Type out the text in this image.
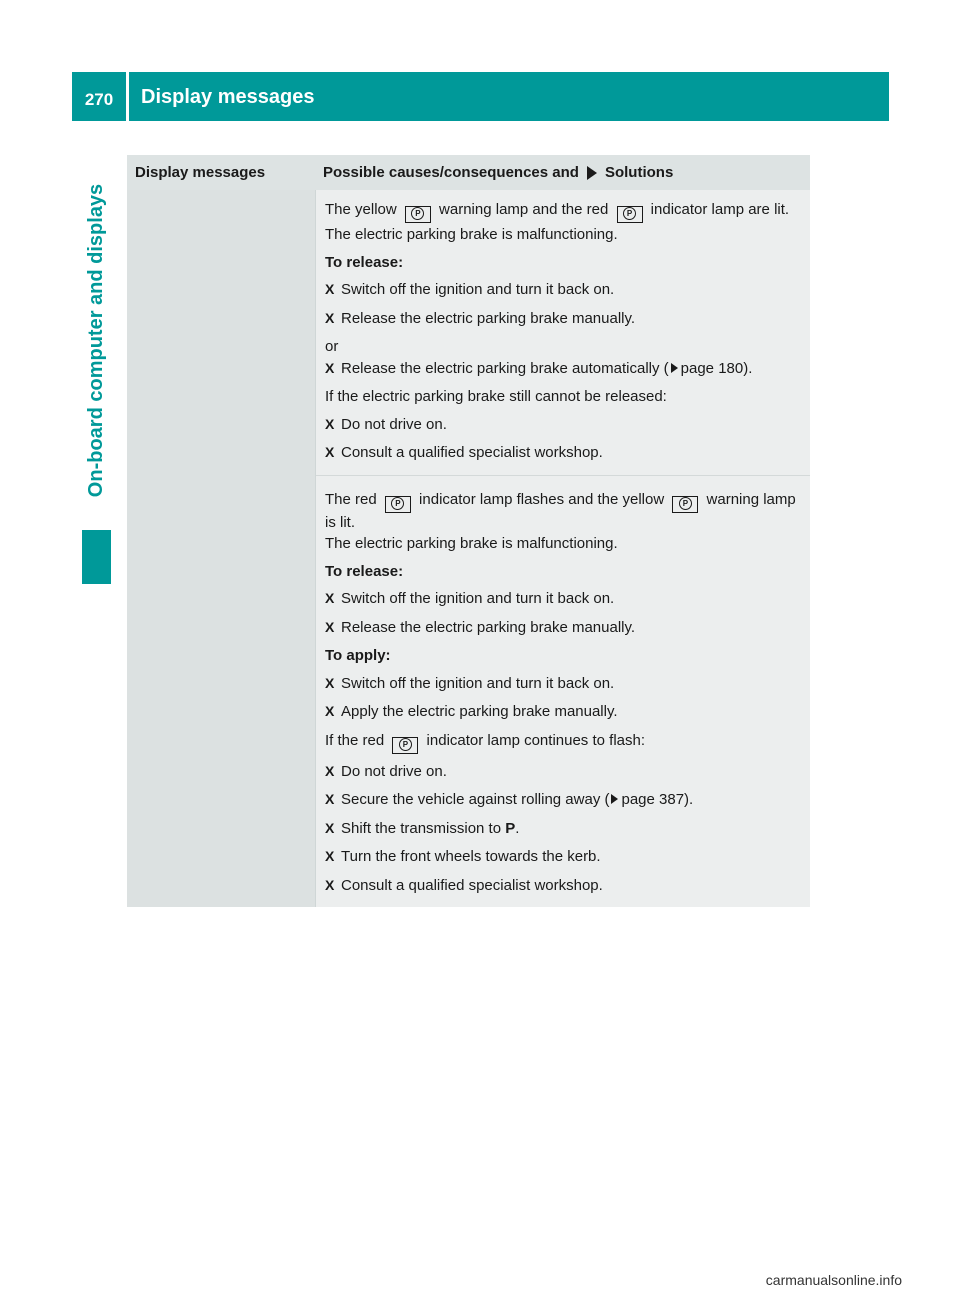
270	Display messages
On-board computer and displays
Display messages	Possible causes/consequences and Solutions

The yellow P warning lamp and the red P indicator lamp are lit.

The electric parking brake is malfunctioning.

To release:

X Switch off the ignition and turn it back on.
X Release the electric parking brake manually.

or

X Release the electric parking brake automatically ( page 180).

If the electric parking brake still cannot be released:

X Do not drive on.
X Consult a qualified specialist workshop.

The red P indicator lamp flashes and the yellow P warning lamp is lit.

The electric parking brake is malfunctioning.

To release:

X Switch off the ignition and turn it back on.
X Release the electric parking brake manually.

To apply:

X Switch off the ignition and turn it back on.
X Apply the electric parking brake manually.

If the red P indicator lamp continues to flash:

X Do not drive on.
X Secure the vehicle against rolling away ( page 387).
X Shift the transmission to P.
X Turn the front wheels towards the kerb.
X Consult a qualified specialist workshop.
carmanualsonline.info
